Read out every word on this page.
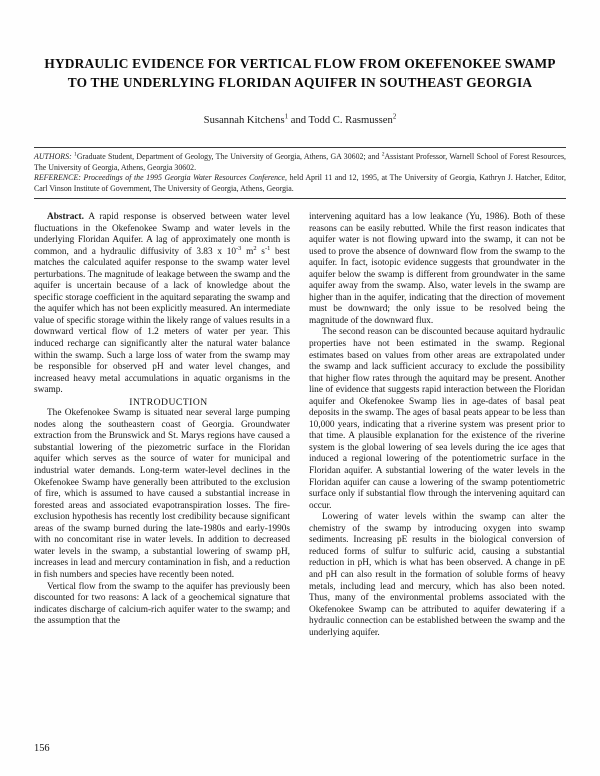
HYDRAULIC EVIDENCE FOR VERTICAL FLOW FROM OKEFENOKEE SWAMP
TO THE UNDERLYING FLORIDAN AQUIFER IN SOUTHEAST GEORGIA
Susannah Kitchens$^1$ and Todd C. Rasmussen$^2$

AUTHORS: $^1$Graduate Student, Department of Geology, The University of Georgia, Athens, GA 30602; and $^2$Assistant Professor, Warnell School of Forest Resources, The University of Georgia, Athens, Georgia 30602.

REFERENCE: Proceedings of the 1995 Georgia Water Resources Conference, held April 11 and 12, 1995, at The University of Georgia, Kathryn J. Hatcher, Editor, Carl Vinson Institute of Government, The University of Georgia, Athens, Georgia.

Abstract. A rapid response is observed between water level fluctuations in the Okefenokee Swamp and water levels in the underlying Floridan Aquifer. A lag of approximately one month is common, and a hydraulic diffusivity of 3.83 x $10^{-3}$ $m^2$ $s^{-1}$ best matches the calculated aquifer response to the swamp water level perturbations. The magnitude of leakage between the swamp and the aquifer is uncertain because of a lack of knowledge about the specific storage coefficient in the aquitard separating the swamp and the aquifer which has not been explicitly measured. An intermediate value of specific storage within the likely range of values results in a downward vertical flow of 1.2 meters of water per year. This induced recharge can significantly alter the natural water balance within the swamp. Such a large loss of water from the swamp may be responsible for observed pH and water level changes, and increased heavy metal accumulations in aquatic organisms in the swamp.

INTRODUCTION

The Okefenokee Swamp is situated near several large pumping nodes along the southeastern coast of Georgia. Groundwater extraction from the Brunswick and St. Marys regions have caused a substantial lowering of the piezometric surface in the Floridan aquifer which serves as the source of water for municipal and industrial water demands. Long-term water-level declines in the Okefenokee Swamp have generally been attributed to the exclusion of fire, which is assumed to have caused a substantial increase in forested areas and associated evapotranspiration losses. The fire-exclusion hypothesis has recently lost credibility because significant areas of the swamp burned during the late-1980s and early-1990s with no concomitant rise in water levels. In addition to decreased water levels in the swamp, a substantial lowering of swamp pH, increases in lead and mercury contamination in fish, and a reduction in fish numbers and species have recently been noted.

Vertical flow from the swamp to the aquifer has previously been discounted for two reasons: A lack of a geochemical signature that indicates discharge of calcium-rich aquifer water to the swamp; and the assumption that the

intervening aquitard has a low leakance (Yu, 1986). Both of these reasons can be easily rebutted. While the first reason indicates that aquifer water is not flowing upward into the swamp, it can not be used to prove the absence of downward flow from the swamp to the aquifer. In fact, isotopic evidence suggests that groundwater in the aquifer below the swamp is different from groundwater in the same aquifer away from the swamp. Also, water levels in the swamp are higher than in the aquifer, indicating that the direction of movement must be downward; the only issue to be resolved being the magnitude of the downward flux.

The second reason can be discounted because aquitard hydraulic properties have not been estimated in the swamp. Regional estimates based on values from other areas are extrapolated under the swamp and lack sufficient accuracy to exclude the possibility that higher flow rates through the aquitard may be present. Another line of evidence that suggests rapid interaction between the Floridan aquifer and Okefenokee Swamp lies in age-dates of basal peat deposits in the swamp. The ages of basal peats appear to be less than 10,000 years, indicating that a riverine system was present prior to that time. A plausible explanation for the existence of the riverine system is the global lowering of sea levels during the ice ages that induced a regional lowering of the potentiometric surface in the Floridan aquifer. A substantial lowering of the water levels in the Floridan aquifer can cause a lowering of the swamp potentiometric surface only if substantial flow through the intervening aquitard can occur.

Lowering of water levels within the swamp can alter the chemistry of the swamp by introducing oxygen into swamp sediments. Increasing pE results in the biological conversion of reduced forms of sulfur to sulfuric acid, causing a substantial reduction in pH, which is what has been observed. A change in pE and pH can also result in the formation of soluble forms of heavy metals, including lead and mercury, which has also been noted. Thus, many of the environmental problems associated with the Okefenokee Swamp can be attributed to aquifer dewatering if a hydraulic connection can be established between the swamp and the underlying aquifer.

156
